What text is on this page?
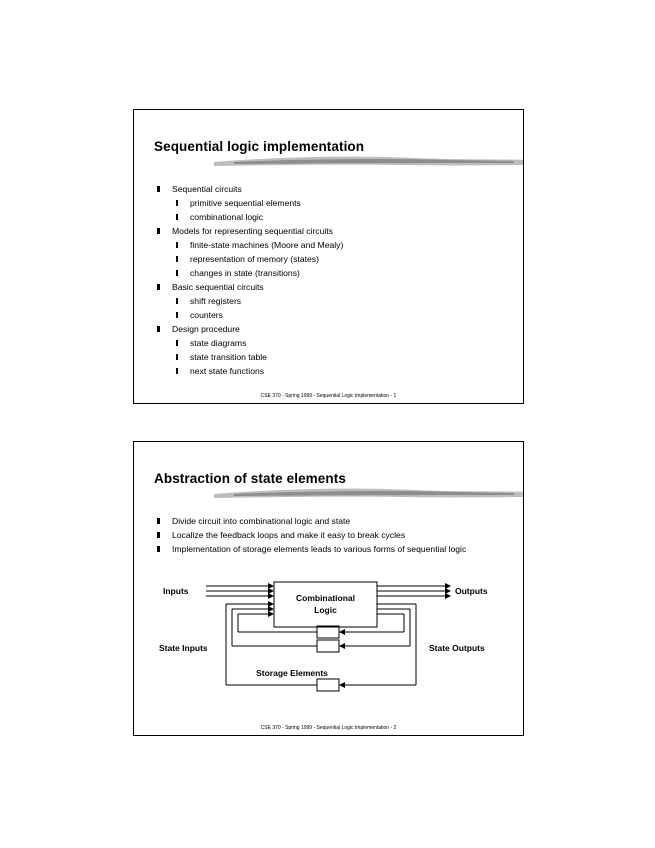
Sequential logic implementation
Sequential circuits
primitive sequential elements
combinational logic
Models for representing sequential circuits
finite-state machines (Moore and Mealy)
representation of memory (states)
changes in state (transitions)
Basic sequential circuits
shift registers
counters
Design procedure
state diagrams
state transition table
next state functions
CSE 370 - Spring 1999 - Sequential Logic Implementation - 1
Abstraction of state elements
Divide circuit into combinational logic and state
Localize the feedback loops and make it easy to break cycles
Implementation of storage elements leads to various forms of sequential logic
Combinational
Logic
Inputs	Outputs
State Inputs	State Outputs
Storage Elements
CSE 370 - Spring 1999 - Sequential Logic Implementation - 2
